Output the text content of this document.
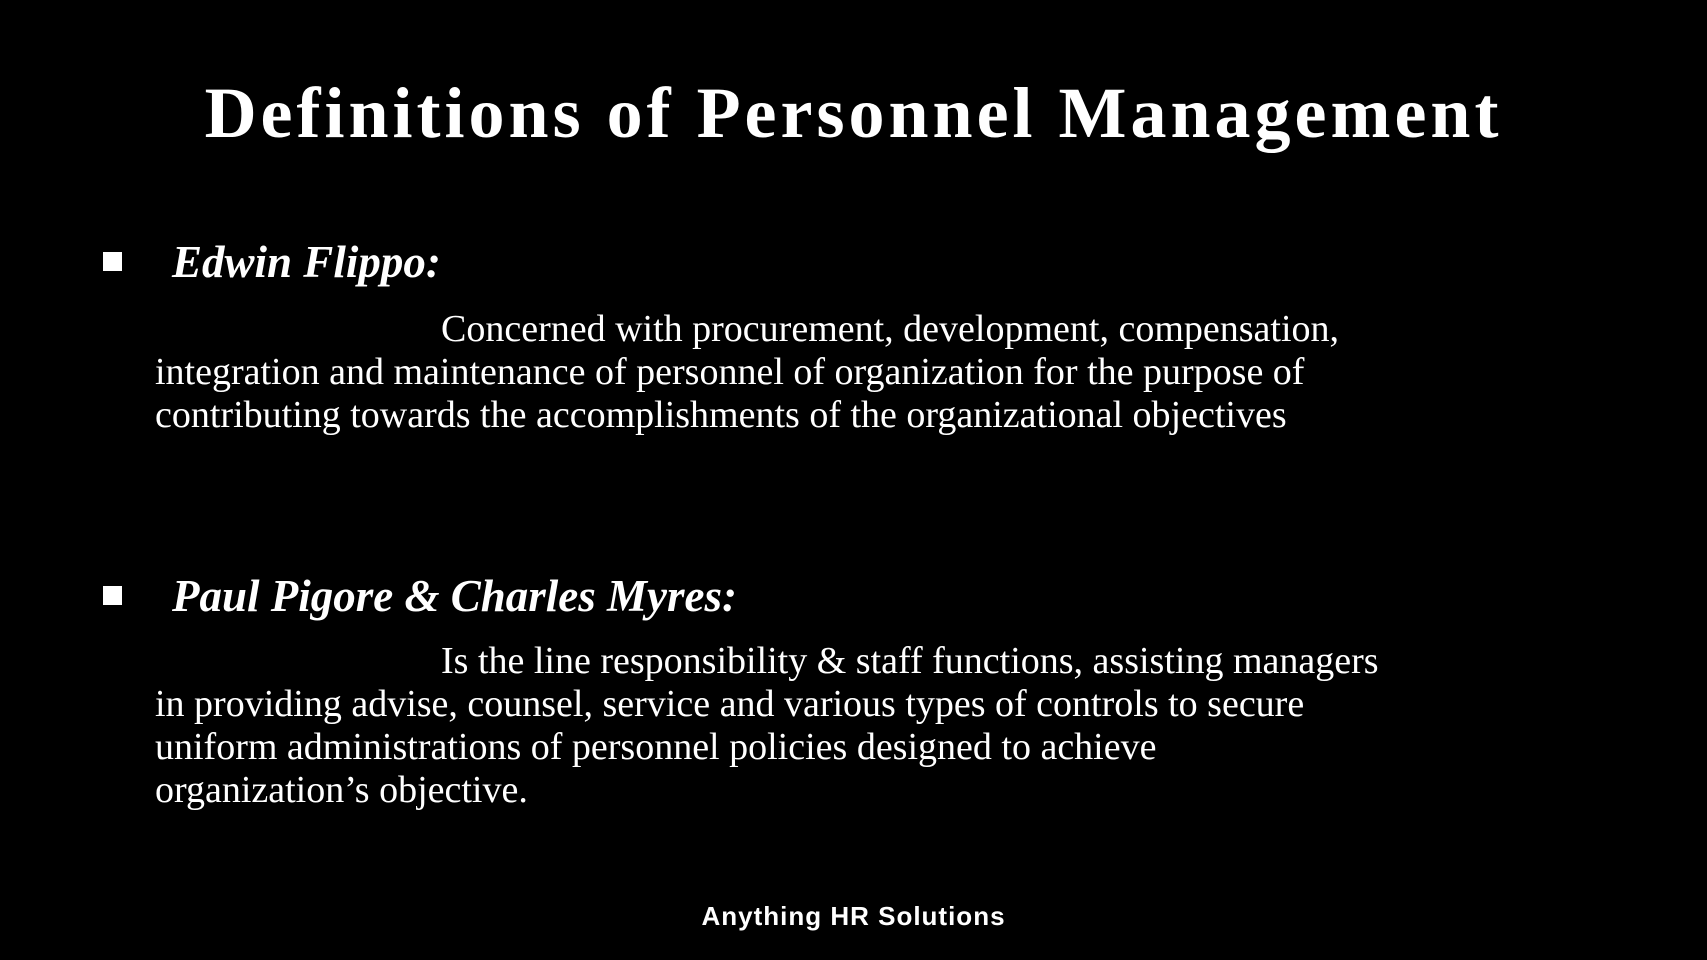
Definitions of Personnel Management
Edwin Flippo:
Concerned with procurement, development, compensation,
integration and maintenance of personnel of organization for the purpose of
contributing towards the accomplishments of the organizational objectives
Paul Pigore & Charles Myres:
Is the line responsibility & staff functions, assisting managers
in providing advise, counsel, service and various types of controls to secure
uniform administrations of personnel policies designed to achieve
organization’s objective.
Anything HR Solutions
